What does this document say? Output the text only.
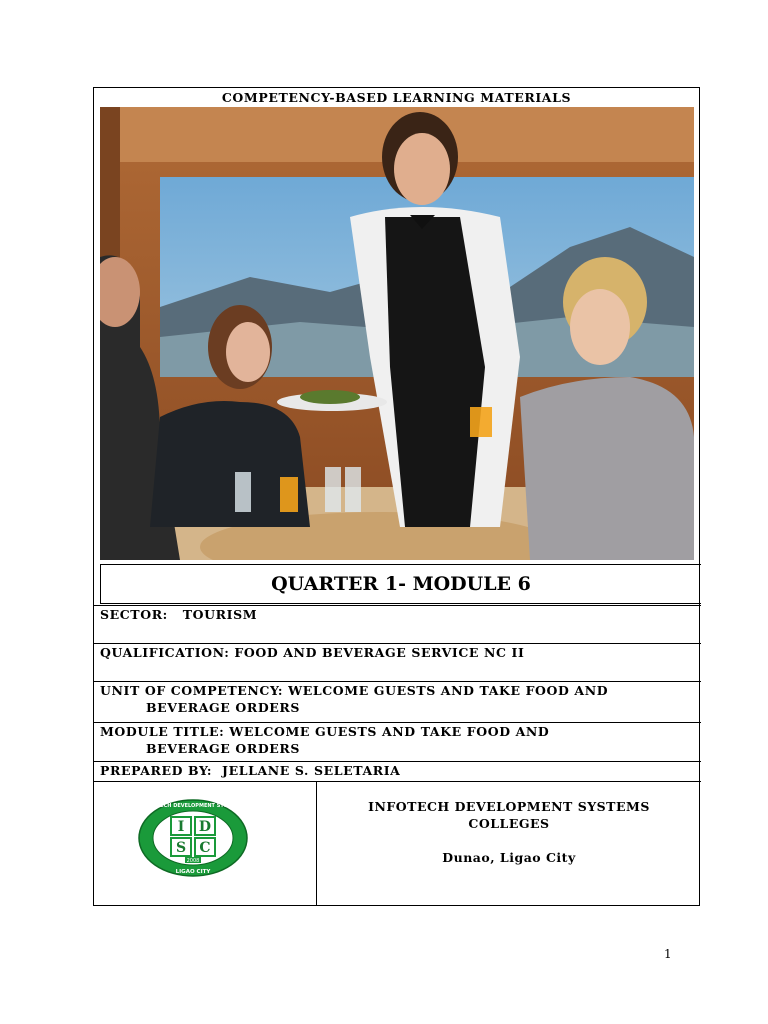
COMPETENCY-BASED LEARNING MATERIALS
QUARTER 1- MODULE 6
SECTOR:   TOURISM
QUALIFICATION: FOOD AND BEVERAGE SERVICE NC II
UNIT OF COMPETENCY: WELCOME GUESTS AND TAKE FOOD AND
BEVERAGE ORDERS
MODULE TITLE: WELCOME GUESTS AND TAKE FOOD AND
BEVERAGE ORDERS
PREPARED BY:  JELLANE S. SELETARIA
I D
S C
2008
INFOTECH DEVELOPMENT SYSTEMS
LIGAO CITY
INFOTECH DEVELOPMENT SYSTEMS
COLLEGES
Dunao, Ligao City
1
